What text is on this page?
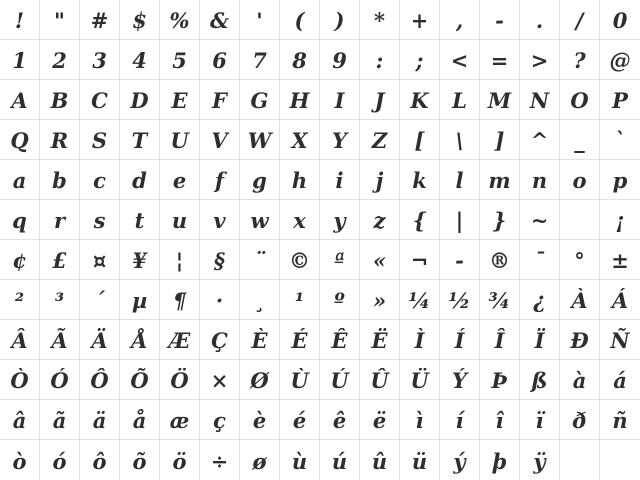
! " # $ % & ' ( ) * + , - . / 0
1 2 3 4 5 6 7 8 9 : ; < = > ? @
A B C D E F G H I J K L M N O P
Q R S T U V W X Y Z [ \ ] ^ _ `
a b c d e f g h i j k l m n o p
q r s t u v w x y z { | } ~	¡
¢ £ ¤ ¥ ¦ § ¨ © ª « ¬ - ® ¯ ° ±
² ³ ´ µ ¶ · ¸ ¹ º » ¼ ½ ¾ ¿ À Á
Â Ã Ä Å Æ Ç È É Ê Ë Ì Í Î Ï Ð Ñ
Ò Ó Ô Õ Ö × Ø Ù Ú Û Ü Ý Þ ß à á
â ã ä å æ ç è é ê ë ì í î ï ð ñ
ò ó ô õ ö ÷ ø ù ú û ü ý þ ÿ
